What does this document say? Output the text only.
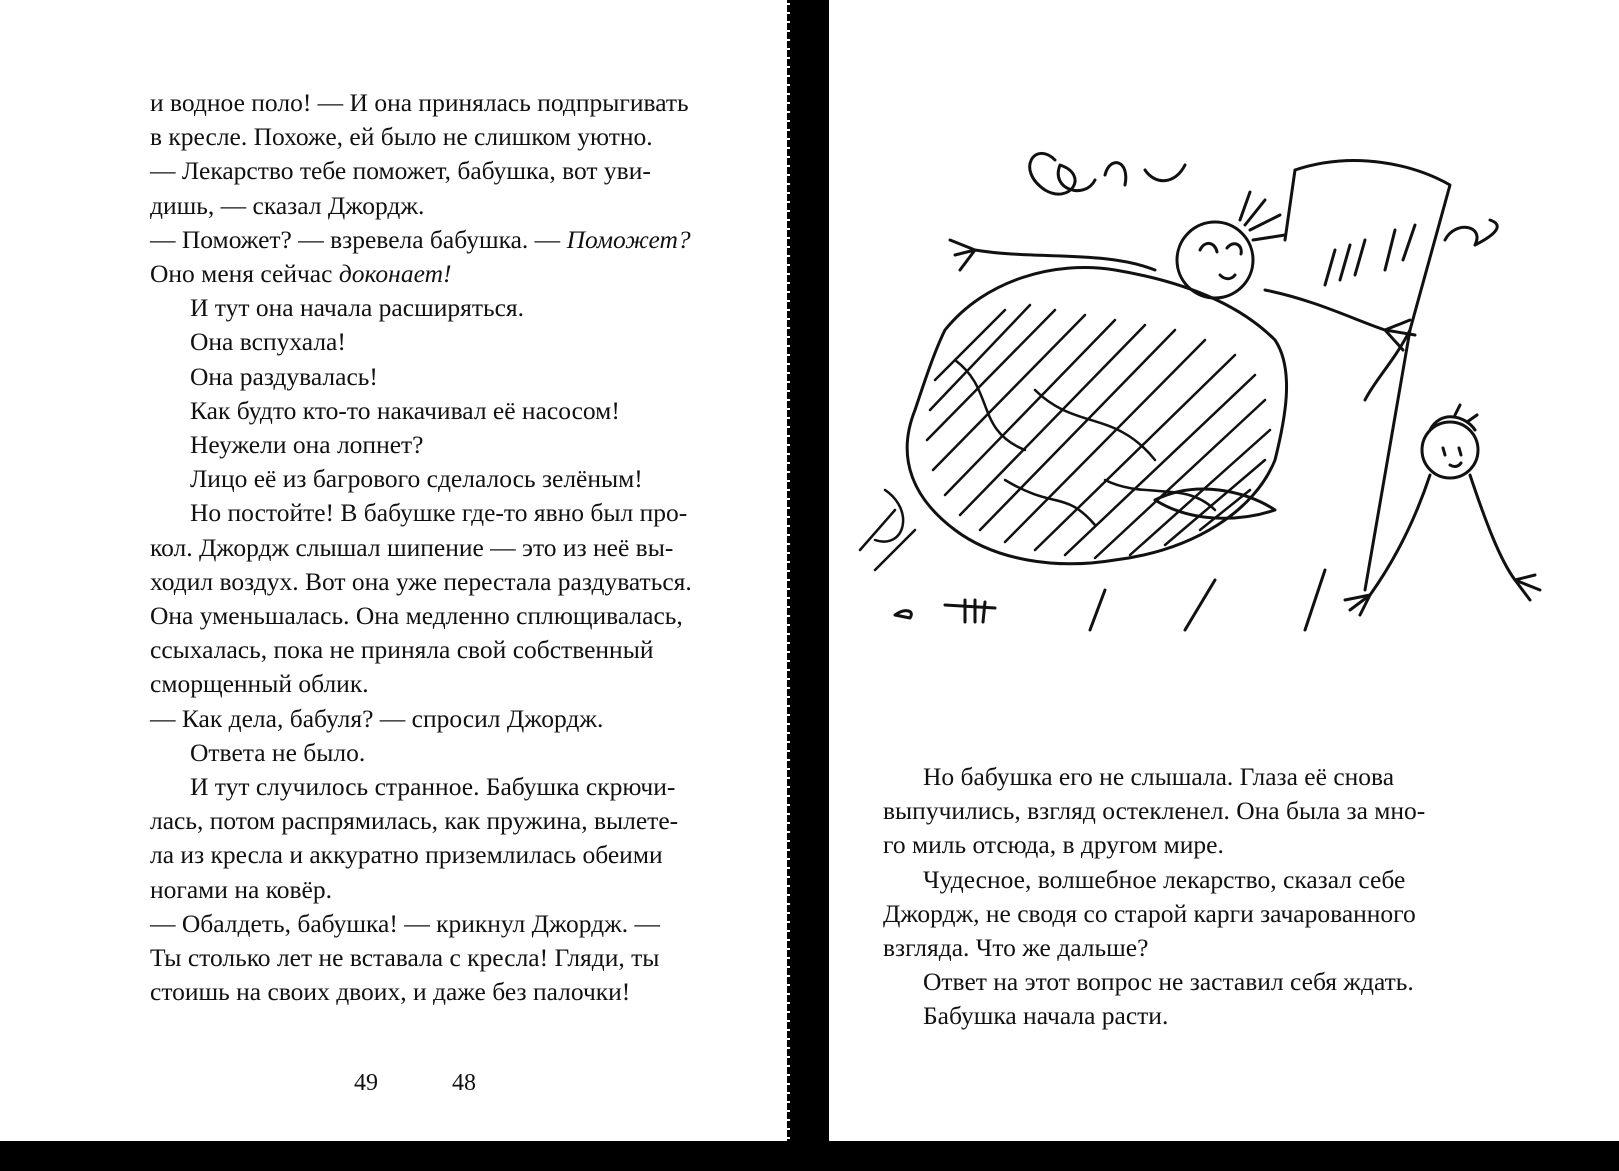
и водное поло! — И она принялась подпрыгивать
в кресле. Похоже, ей было не слишком уютно.
— Лекарство тебе поможет, бабушка, вот уви-
дишь, — сказал Джордж.
— Поможет? — взревела бабушка. — Поможет?
Оно меня сейчас доконает!
И тут она начала расширяться.
Она вспухала!
Она раздувалась!
Как будто кто-то накачивал её насосом!
Неужели она лопнет?
Лицо её из багрового сделалось зелёным!
Но постойте! В бабушке где-то явно был про-
кол. Джордж слышал шипение — это из неё вы-
ходил воздух. Вот она уже перестала раздуваться.
Она уменьшалась. Она медленно сплющивалась,
ссыхалась, пока не приняла свой собственный
сморщенный облик.
— Как дела, бабуля? — спросил Джордж.
Ответа не было.
И тут случилось странное. Бабушка скрючи-
лась, потом распрямилась, как пружина, вылете-
ла из кресла и аккуратно приземлилась обеими
ногами на ковёр.
— Обалдеть, бабушка! — крикнул Джордж. —
Ты столько лет не вставала с кресла! Гляди, ты
стоишь на своих двоих, и даже без палочки!
48
Но бабушка его не слышала. Глаза её снова
выпучились, взгляд остекленел. Она была за мно-
го миль отсюда, в другом мире.
Чудесное, волшебное лекарство, сказал себе
Джордж, не сводя со старой карги зачарованного
взгляда. Что же дальше?
Ответ на этот вопрос не заставил себя ждать.
Бабушка начала расти.
49
